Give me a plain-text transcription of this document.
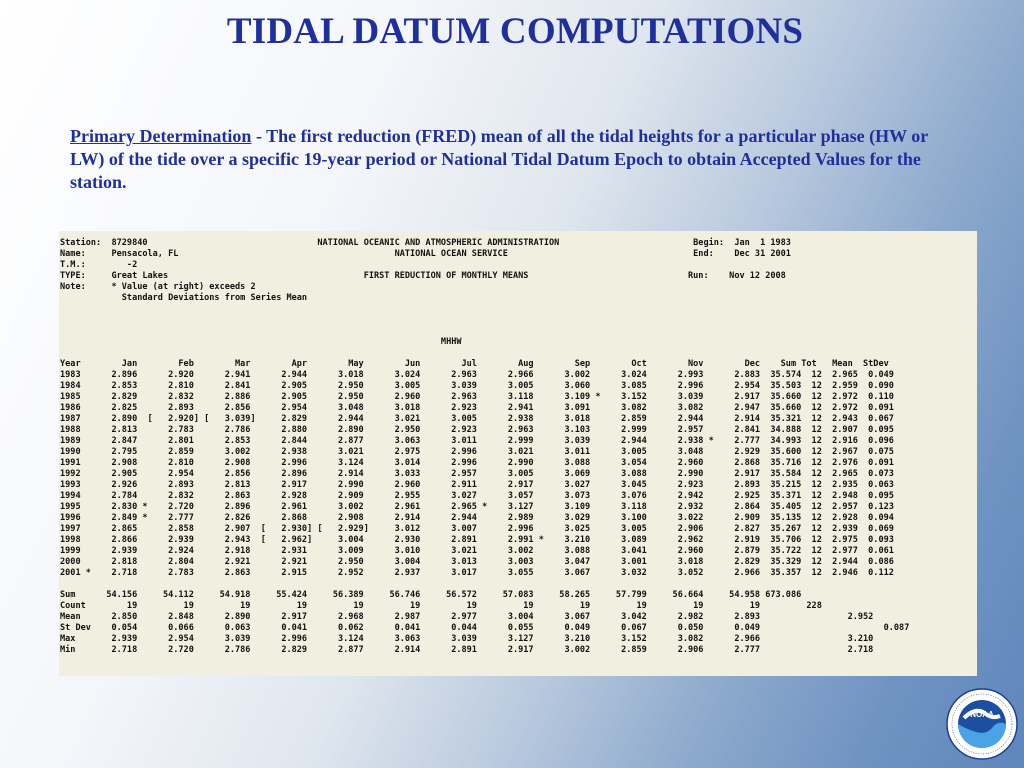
TIDAL DATUM COMPUTATIONS
Primary Determination - The first reduction (FRED) mean of all the tidal heights for a particular phase (HW or LW) of the tide over a specific 19-year period or National Tidal Datum Epoch to obtain Accepted Values for the station.
Station:  8729840                                 NATIONAL OCEANIC AND ATMOSPHERIC ADMINISTRATION                          Begin:  Jan  1 1983
Name:     Pensacola, FL                                          NATIONAL OCEAN SERVICE                                    End:    Dec 31 2001
T.M.:        -2
TYPE:     Great Lakes                                      FIRST REDUCTION OF MONTHLY MEANS                               Run:    Nov 12 2008
Note:     * Value (at right) exceeds 2
Standard Deviations from Series Mean

MHHW

Year        Jan        Feb        Mar        Apr        May        Jun        Jul        Aug        Sep        Oct        Nov        Dec    Sum Tot   Mean  StDev
1983      2.896      2.920      2.941      2.944      3.018      3.024      2.963      2.966      3.002      3.024      2.993      2.883  35.574  12  2.965  0.049
1984      2.853      2.810      2.841      2.905      2.950      3.005      3.039      3.005      3.060      3.085      2.996      2.954  35.503  12  2.959  0.090
1985      2.829      2.832      2.886      2.905      2.950      2.960      2.963      3.118      3.109 *    3.152      3.039      2.917  35.660  12  2.972  0.110
1986      2.825      2.893      2.856      2.954      3.048      3.018      2.923      2.941      3.091      3.082      3.082      2.947  35.660  12  2.972  0.091
1987      2.890  [   2.920] [   3.039]     2.829      2.944      3.021      3.005      2.938      3.018      2.859      2.944      2.914  35.321  12  2.943  0.067
1988      2.813      2.783      2.786      2.880      2.890      2.950      2.923      2.963      3.103      2.999      2.957      2.841  34.888  12  2.907  0.095
1989      2.847      2.801      2.853      2.844      2.877      3.063      3.011      2.999      3.039      2.944      2.938 *    2.777  34.993  12  2.916  0.096
1990      2.795      2.859      3.002      2.938      3.021      2.975      2.996      3.021      3.011      3.005      3.048      2.929  35.600  12  2.967  0.075
1991      2.908      2.810      2.908      2.996      3.124      3.014      2.996      2.990      3.088      3.054      2.960      2.868  35.716  12  2.976  0.091
1992      2.905      2.954      2.856      2.896      2.914      3.033      2.957      3.005      3.069      3.088      2.990      2.917  35.584  12  2.965  0.073
1993      2.926      2.893      2.813      2.917      2.990      2.960      2.911      2.917      3.027      3.045      2.923      2.893  35.215  12  2.935  0.063
1994      2.784      2.832      2.863      2.928      2.909      2.955      3.027      3.057      3.073      3.076      2.942      2.925  35.371  12  2.948  0.095
1995      2.830 *    2.720      2.896      2.961      3.002      2.961      2.965 *    3.127      3.109      3.118      2.932      2.864  35.405  12  2.957  0.123
1996      2.849 *    2.777      2.826      2.868      2.908      2.914      2.944      2.989      3.029      3.100      3.022      2.909  35.135  12  2.928  0.094
1997      2.865      2.858      2.907  [   2.930] [   2.929]     3.012      3.007      2.996      3.025      3.005      2.906      2.827  35.267  12  2.939  0.069
1998      2.866      2.939      2.943  [   2.962]     3.004      2.930      2.891      2.991 *    3.210      3.089      2.962      2.919  35.706  12  2.975  0.093
1999      2.939      2.924      2.918      2.931      3.009      3.010      3.021      3.002      3.088      3.041      2.960      2.879  35.722  12  2.977  0.061
2000      2.818      2.804      2.921      2.921      2.950      3.004      3.013      3.003      3.047      3.001      3.018      2.829  35.329  12  2.944  0.086
2001 *    2.718      2.783      2.863      2.915      2.952      2.937      3.017      3.055      3.067      3.032      3.052      2.966  35.357  12  2.946  0.112

Sum      54.156     54.112     54.918     55.424     56.389     56.746     56.572     57.083     58.265     57.799     56.664     54.958 673.086
Count        19         19         19         19         19         19         19         19         19         19         19         19         228
Mean      2.850      2.848      2.890      2.917      2.968      2.987      2.977      3.004      3.067      3.042      2.982      2.893                 2.952
St Dev    0.054      0.066      0.063      0.041      0.062      0.041      0.044      0.055      0.049      0.067      0.050      0.049                        0.087
Max       2.939      2.954      3.039      2.996      3.124      3.063      3.039      3.127      3.210      3.152      3.082      2.966                 3.210
Min       2.718      2.720      2.786      2.829      2.877      2.914      2.891      2.917      3.002      2.859      2.906      2.777                 2.718

NOAA
